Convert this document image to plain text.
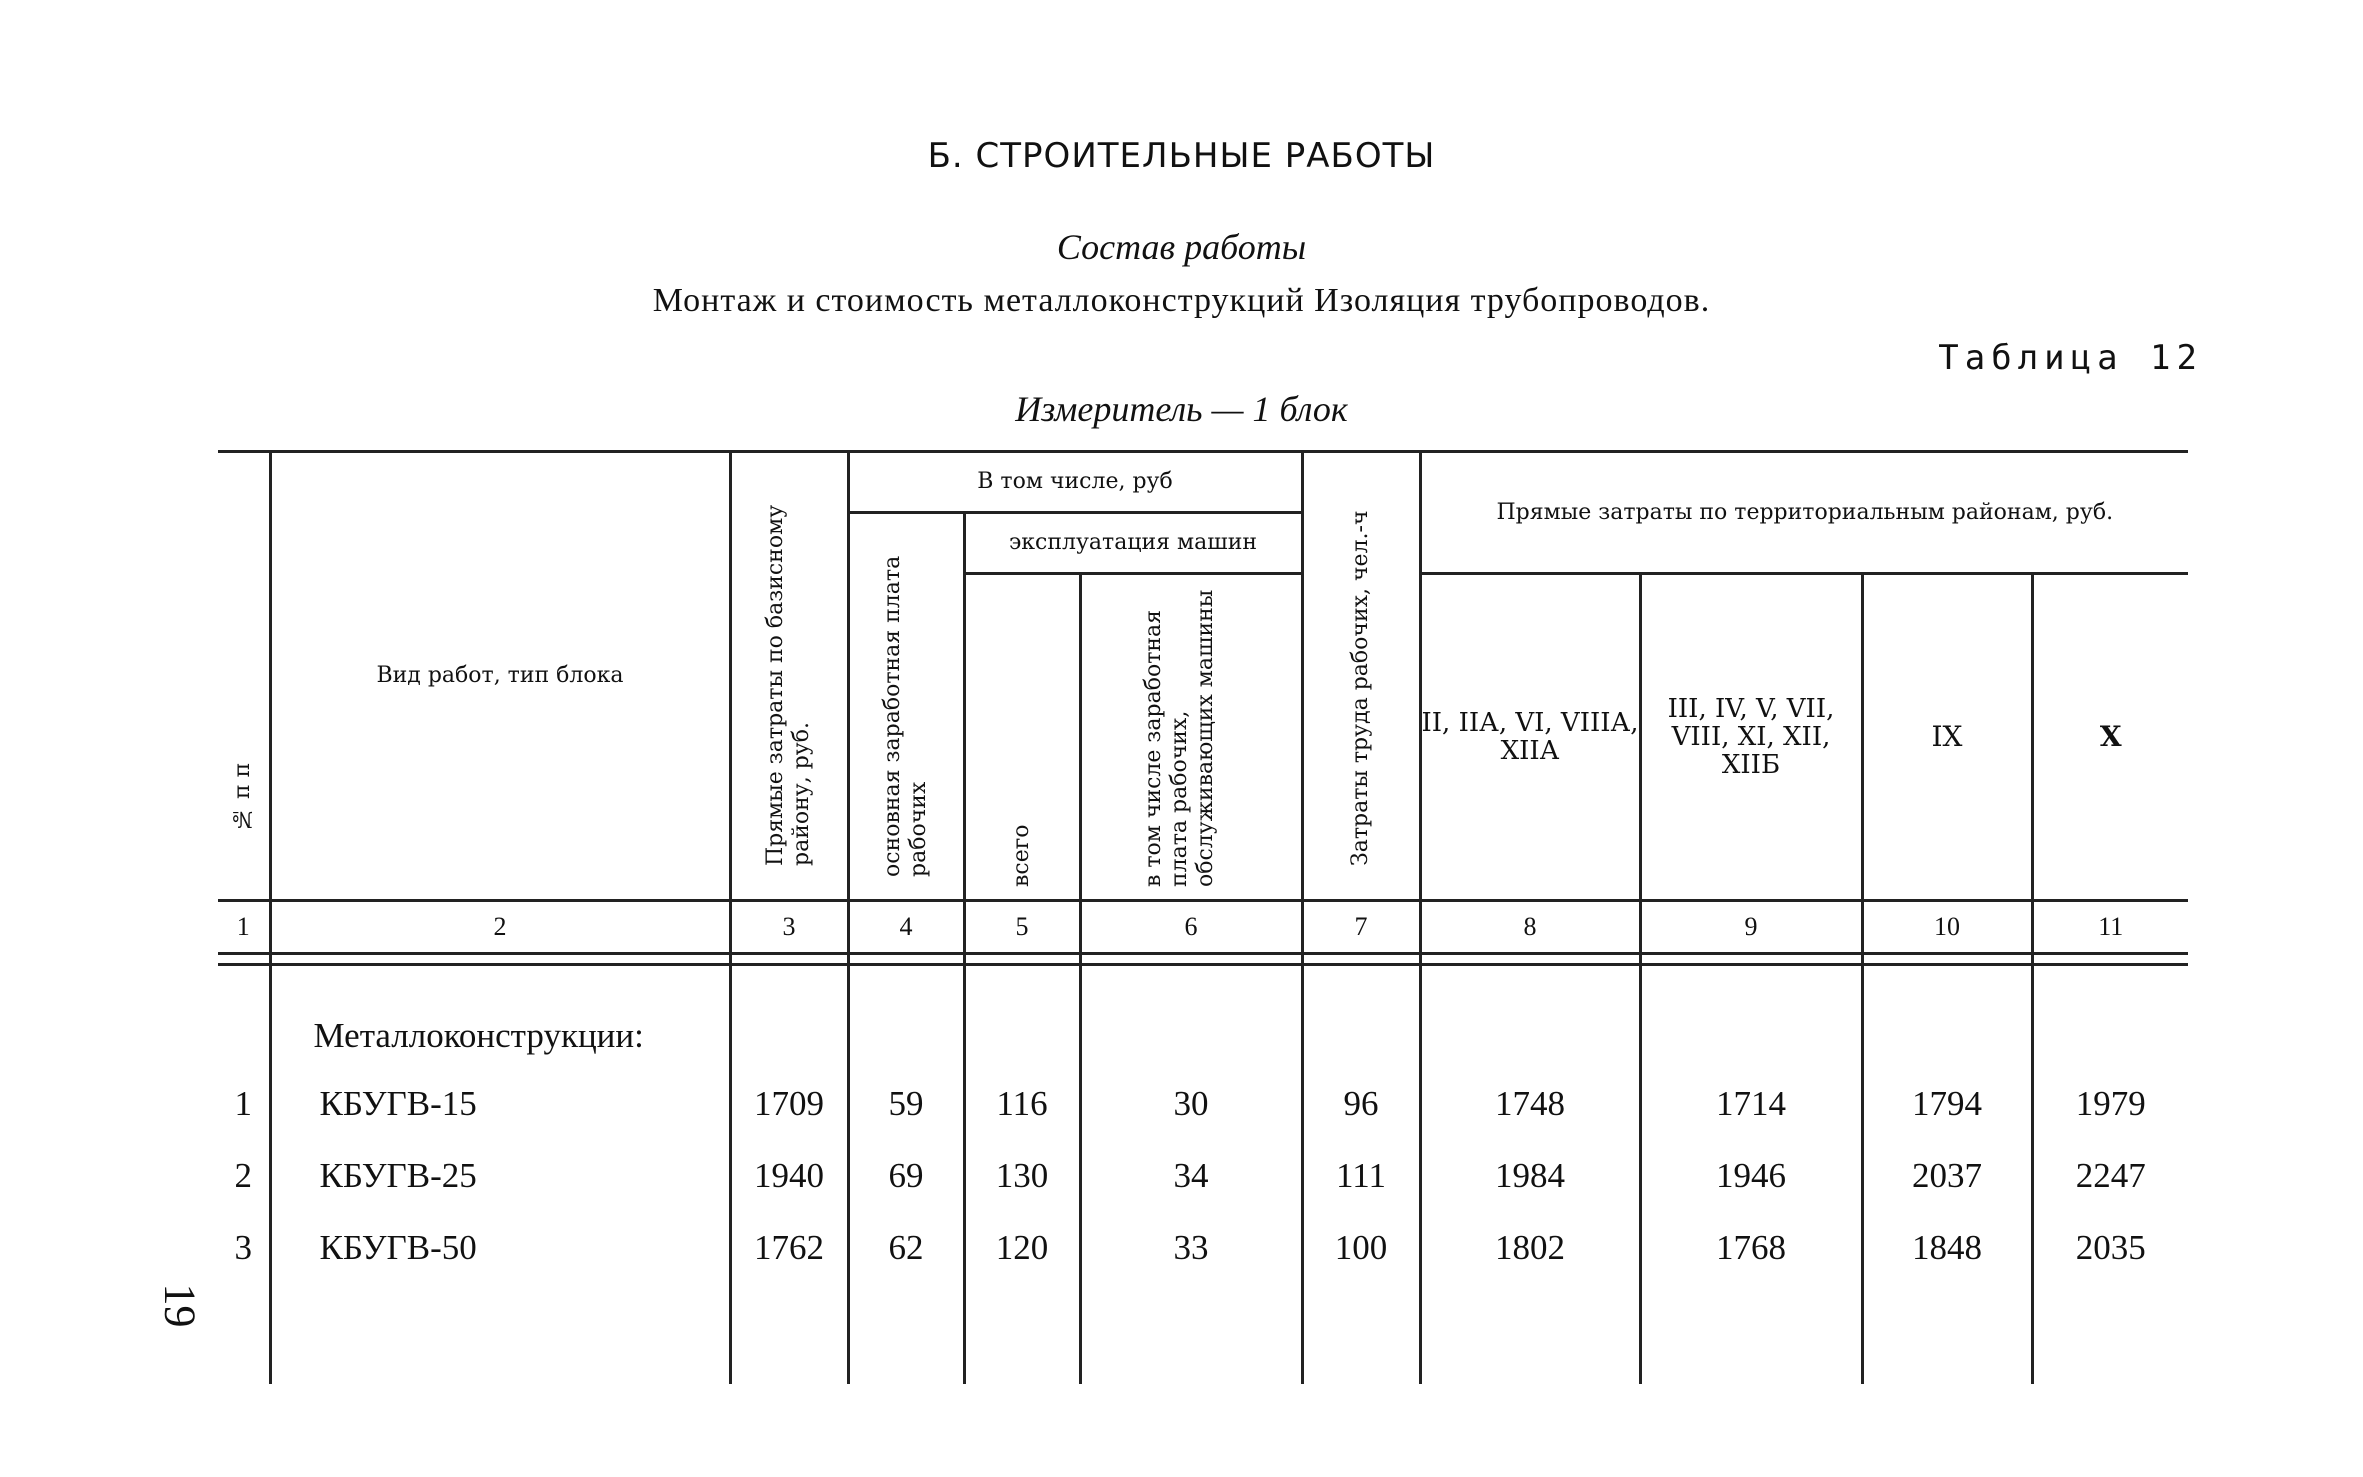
Б. СТРОИТЕЛЬНЫЕ РАБОТЫ
Состав работы
Монтаж и стоимость металлоконструкций Изоляция трубопроводов.
Таблица 12
Измеритель — 1 блок
№ п п	Вид работ, тип блока	Прямые затраты по базисному району, руб.	В том числе, руб			Затраты труда рабочих, чел.-ч	Прямые затраты по территориальным районам, руб.			

			основная заработная плата рабочих	эксплуатация машин						

				всего	в том числе заработная плата рабочих, обслуживающих машины		II, IIА, VI, VIIIА, XIIА	III, IV, V, VII, VIII, XI, XII, XIIБ	IX	X
1	2	3	4	5	6	7	8	9	10	11

	Металлоконструкции:									
1	КБУГВ-15	1709	59	116	30	96	1748	1714	1794	1979
2	КБУГВ-25	1940	69	130	34	111	1984	1946	2037	2247
3	КБУГВ-50	1762	62	120	33	100	1802	1768	1848	2035

19
